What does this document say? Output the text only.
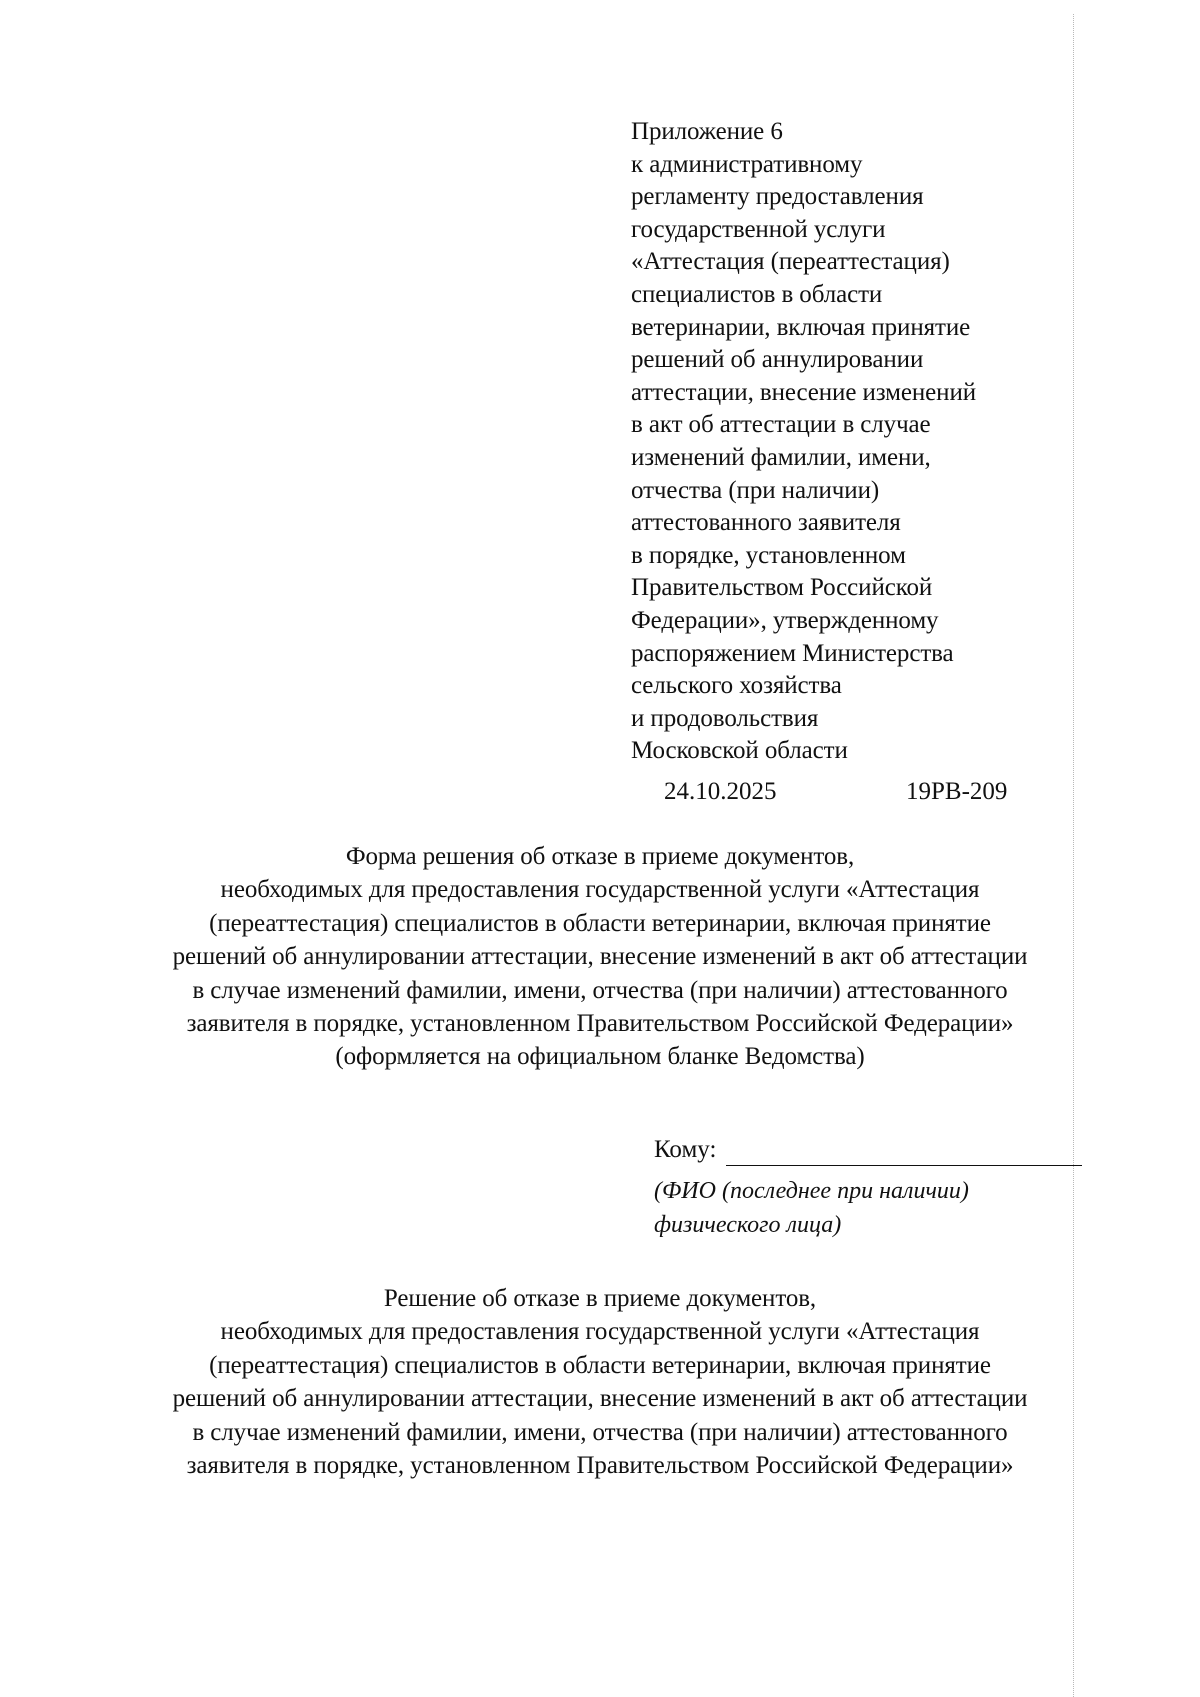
Приложение 6
к административному
регламенту предоставления
государственной услуги
«Аттестация (переаттестация)
специалистов в области
ветеринарии, включая принятие
решений об аннулировании
аттестации, внесение изменений
в акт об аттестации в случае
изменений фамилии, имени,
отчества (при наличии)
аттестованного заявителя
в порядке, установленном
Правительством Российской
Федерации», утвержденному
распоряжением Министерства
сельского хозяйства
и продовольствия
Московской области
24.10.2025	19РВ-209
Форма решения об отказе в приеме документов,
необходимых для предоставления государственной услуги «Аттестация
(переаттестация) специалистов в области ветеринарии, включая принятие
решений об аннулировании аттестации, внесение изменений в акт об аттестации
в случае изменений фамилии, имени, отчества (при наличии) аттестованного
заявителя в порядке, установленном Правительством Российской Федерации»
(оформляется на официальном бланке Ведомства)
Кому:
(ФИО (последнее при наличии)
физического лица)
Решение об отказе в приеме документов,
необходимых для предоставления государственной услуги «Аттестация
(переаттестация) специалистов в области ветеринарии, включая принятие
решений об аннулировании аттестации, внесение изменений в акт об аттестации
в случае изменений фамилии, имени, отчества (при наличии) аттестованного
заявителя в порядке, установленном Правительством Российской Федерации»
